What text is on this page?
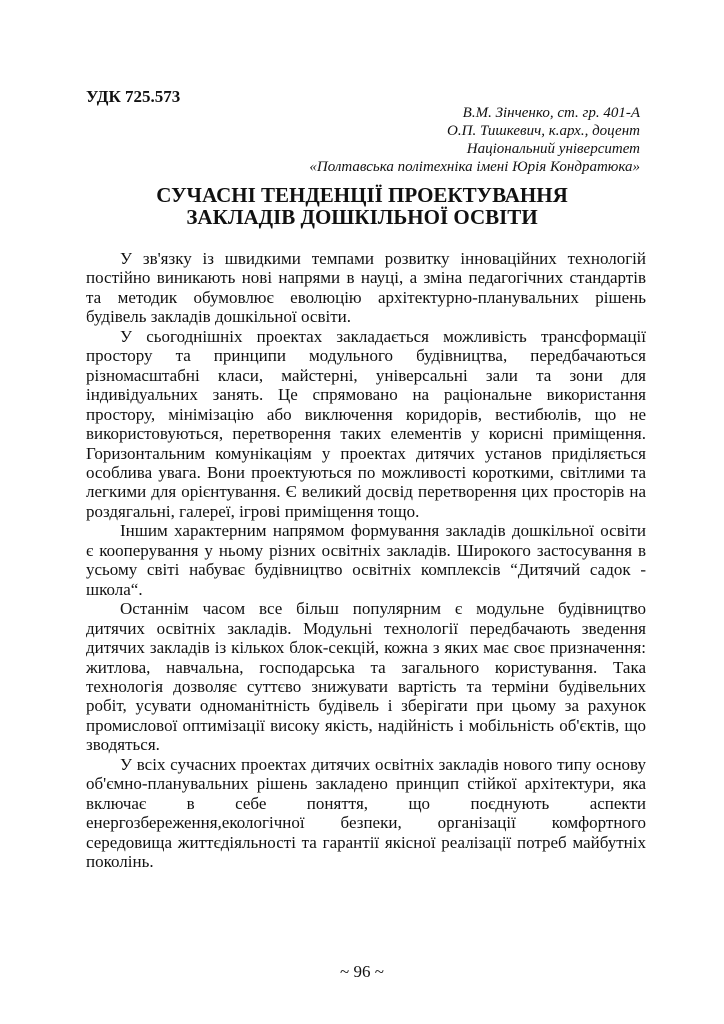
УДК 725.573
В.М. Зінченко, ст. гр. 401-А
О.П. Тишкевич, к.арх., доцент
Національний університет
«Полтавська політехніка імені Юрія Кондратюка»
СУЧАСНІ ТЕНДЕНЦІЇ ПРОЕКТУВАННЯ
ЗАКЛАДІВ ДОШКІЛЬНОЇ ОСВІТИ
У зв'язку із швидкими темпами розвитку інноваційних технологій
постійно виникають нові напрями в науці, а зміна педагогічних стандартів
та методик обумовлює еволюцію архітектурно-планувальних рішень
будівель закладів дошкільної освіти.
У сьогоднішніх проектах закладається можливість трансформації
простору та принципи модульного будівництва, передбачаються
різномасштабні класи, майстерні, універсальні зали та зони для
індивідуальних занять. Це спрямовано на раціональне використання
простору, мінімізацію або виключення коридорів, вестибюлів, що не
використовуються, перетворення таких елементів у корисні приміщення.
Горизонтальним комунікаціям у проектах дитячих установ приділяється
особлива увага. Вони проектуються по можливості короткими, світлими та
легкими для орієнтування. Є великий досвід перетворення цих просторів на
роздягальні, галереї, ігрові приміщення тощо.
Іншим характерним напрямом формування закладів дошкільної освіти
є кооперування у ньому різних освітніх закладів. Широкого застосування в
усьому світі набуває будівництво освітніх комплексів “Дитячий садок -
школа“.
Останнім часом все більш популярним є модульне будівництво
дитячих освітніх закладів. Модульні технології передбачають зведення
дитячих закладів із кількох блок-секцій, кожна з яких має своє призначення:
житлова, навчальна, господарська та загального користування. Така
технологія дозволяє суттєво знижувати вартість та терміни будівельних
робіт, усувати одноманітність будівель і зберігати при цьому за рахунок
промислової оптимізації високу якість, надійність і мобільність об'єктів, що
зводяться.
У всіх сучасних проектах дитячих освітніх закладів нового типу основу
об'ємно-планувальних рішень закладено принцип стійкої архітектури, яка
включає в себе поняття, що поєднують аспекти
енергозбереження,екологічної безпеки, організації комфортного
середовища життєдіяльності та гарантії якісної реалізації потреб майбутніх
поколінь.
~ 96 ~
